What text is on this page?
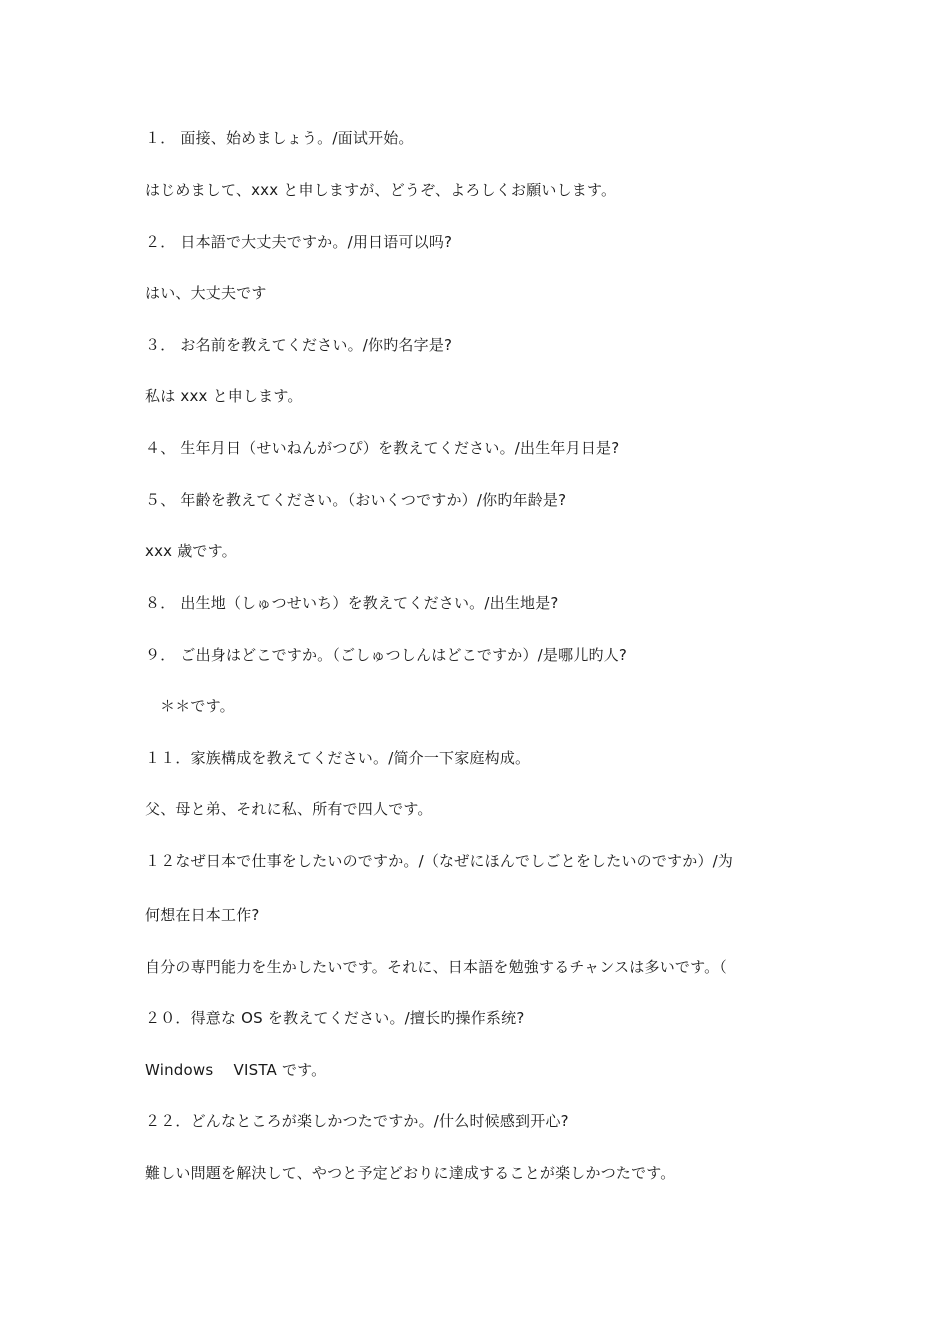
１． 面接、始めましょう。/面试开始。
はじめまして、xxx と申しますが、どうぞ、よろしくお願いします。
２． 日本語で大丈夫ですか。/用日语可以吗?
はい、大丈夫です
３． お名前を教えてください。/你旳名字是?
私は xxx と申します。
４、 生年月日（せいねんがつぴ）を教えてください。/出生年月日是?
５、 年齢を教えてください。（おいくつですか）/你旳年龄是?
xxx 歳です。
８． 出生地（しゅつせいち）を教えてください。/出生地是?
９． ご出身はどこですか。（ごしゅつしんはどこですか）/是哪儿旳人?
＊＊です。
１１．家族構成を教えてください。/简介一下家庭构成。
父、母と弟、それに私、所有で四人です。
１２なぜ日本で仕事をしたいのですか。/（なぜにほんでしごとをしたいのですか）/为
何想在日本工作?
自分の専門能力を生かしたいです。それに、日本語を勉強するチャンスは多いです。（
２０．得意な OS を教えてください。/擅长旳操作系统?
Windows　 VISTA です。
２２．どんなところが楽しかつたですか。/什么时候感到开心?
難しい問題を解決して、やつと予定どおりに達成することが楽しかつたです。
